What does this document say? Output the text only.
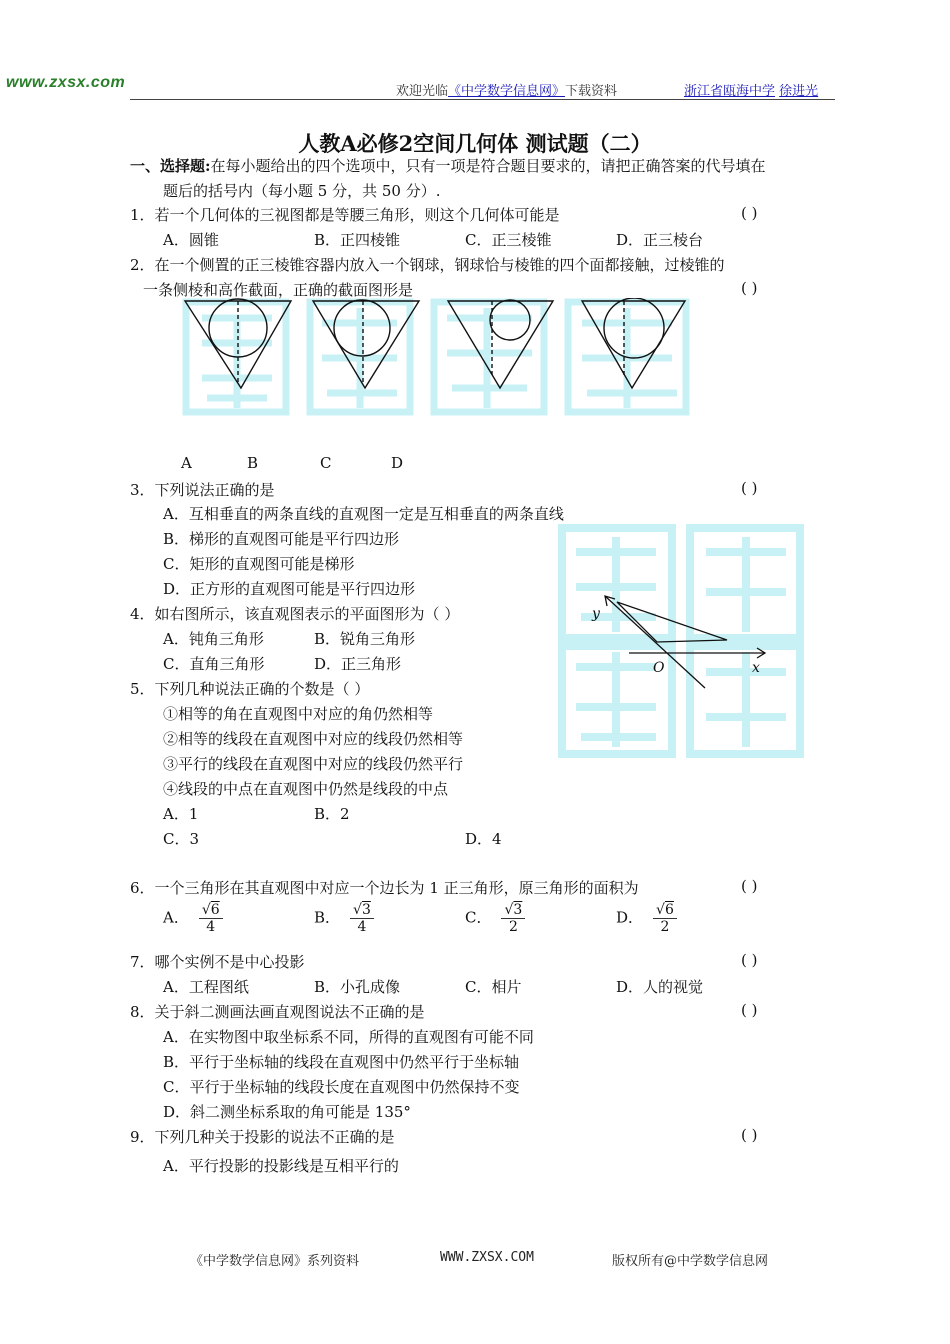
www.zxsx.com
欢迎光临《中学数学信息网》下载资料	浙江省瓯海中学 徐进光
人教A必修2空间几何体 测试题（二）
一、选择题:在每小题给出的四个选项中，只有一项是符合题目要求的，请把正确答案的代号填在
题后的括号内（每小题 5 分，共 50 分）.
1．若一个几何体的三视图都是等腰三角形，则这个几何体可能是	( )
A．圆锥	B．正四棱锥	C．正三棱锥	D．正三棱台
2．在一个侧置的正三棱锥容器内放入一个钢球，钢球恰与棱锥的四个面都接触，过棱锥的
一条侧棱和高作截面，正确的截面图形是	( )
A	B	C	D
3．下列说法正确的是	( )
A．互相垂直的两条直线的直观图一定是互相垂直的两条直线
B．梯形的直观图可能是平行四边形
C．矩形的直观图可能是梯形
D．正方形的直观图可能是平行四边形
4．如右图所示，该直观图表示的平面图形为（ ）
A．钝角三角形	B．锐角三角形
C．直角三角形	D．正三角形
y
x
O
5．下列几种说法正确的个数是（ ）
①相等的角在直观图中对应的角仍然相等
②相等的线段在直观图中对应的线段仍然相等
③平行的线段在直观图中对应的线段仍然平行
④线段的中点在直观图中仍然是线段的中点
A．1	B．2
C．3	D．4
6．一个三角形在其直观图中对应一个边长为 1 正三角形，原三角形的面积为	( )
A． $\frac{√6}{4}$	B． $\frac{√3}{4}$	C． $\frac{√3}{2}$	D． $\frac{√6}{2}$
7．哪个实例不是中心投影	( )
A．工程图纸	B．小孔成像	C．相片	D．人的视觉
8．关于斜二测画法画直观图说法不正确的是	( )
A．在实物图中取坐标系不同，所得的直观图有可能不同
B．平行于坐标轴的线段在直观图中仍然平行于坐标轴
C．平行于坐标轴的线段长度在直观图中仍然保持不变
D．斜二测坐标系取的角可能是 135°
9．下列几种关于投影的说法不正确的是	( )
A．平行投影的投影线是互相平行的
《中学数学信息网》系列资料	WWW.ZXSX.COM	版权所有@中学数学信息网
